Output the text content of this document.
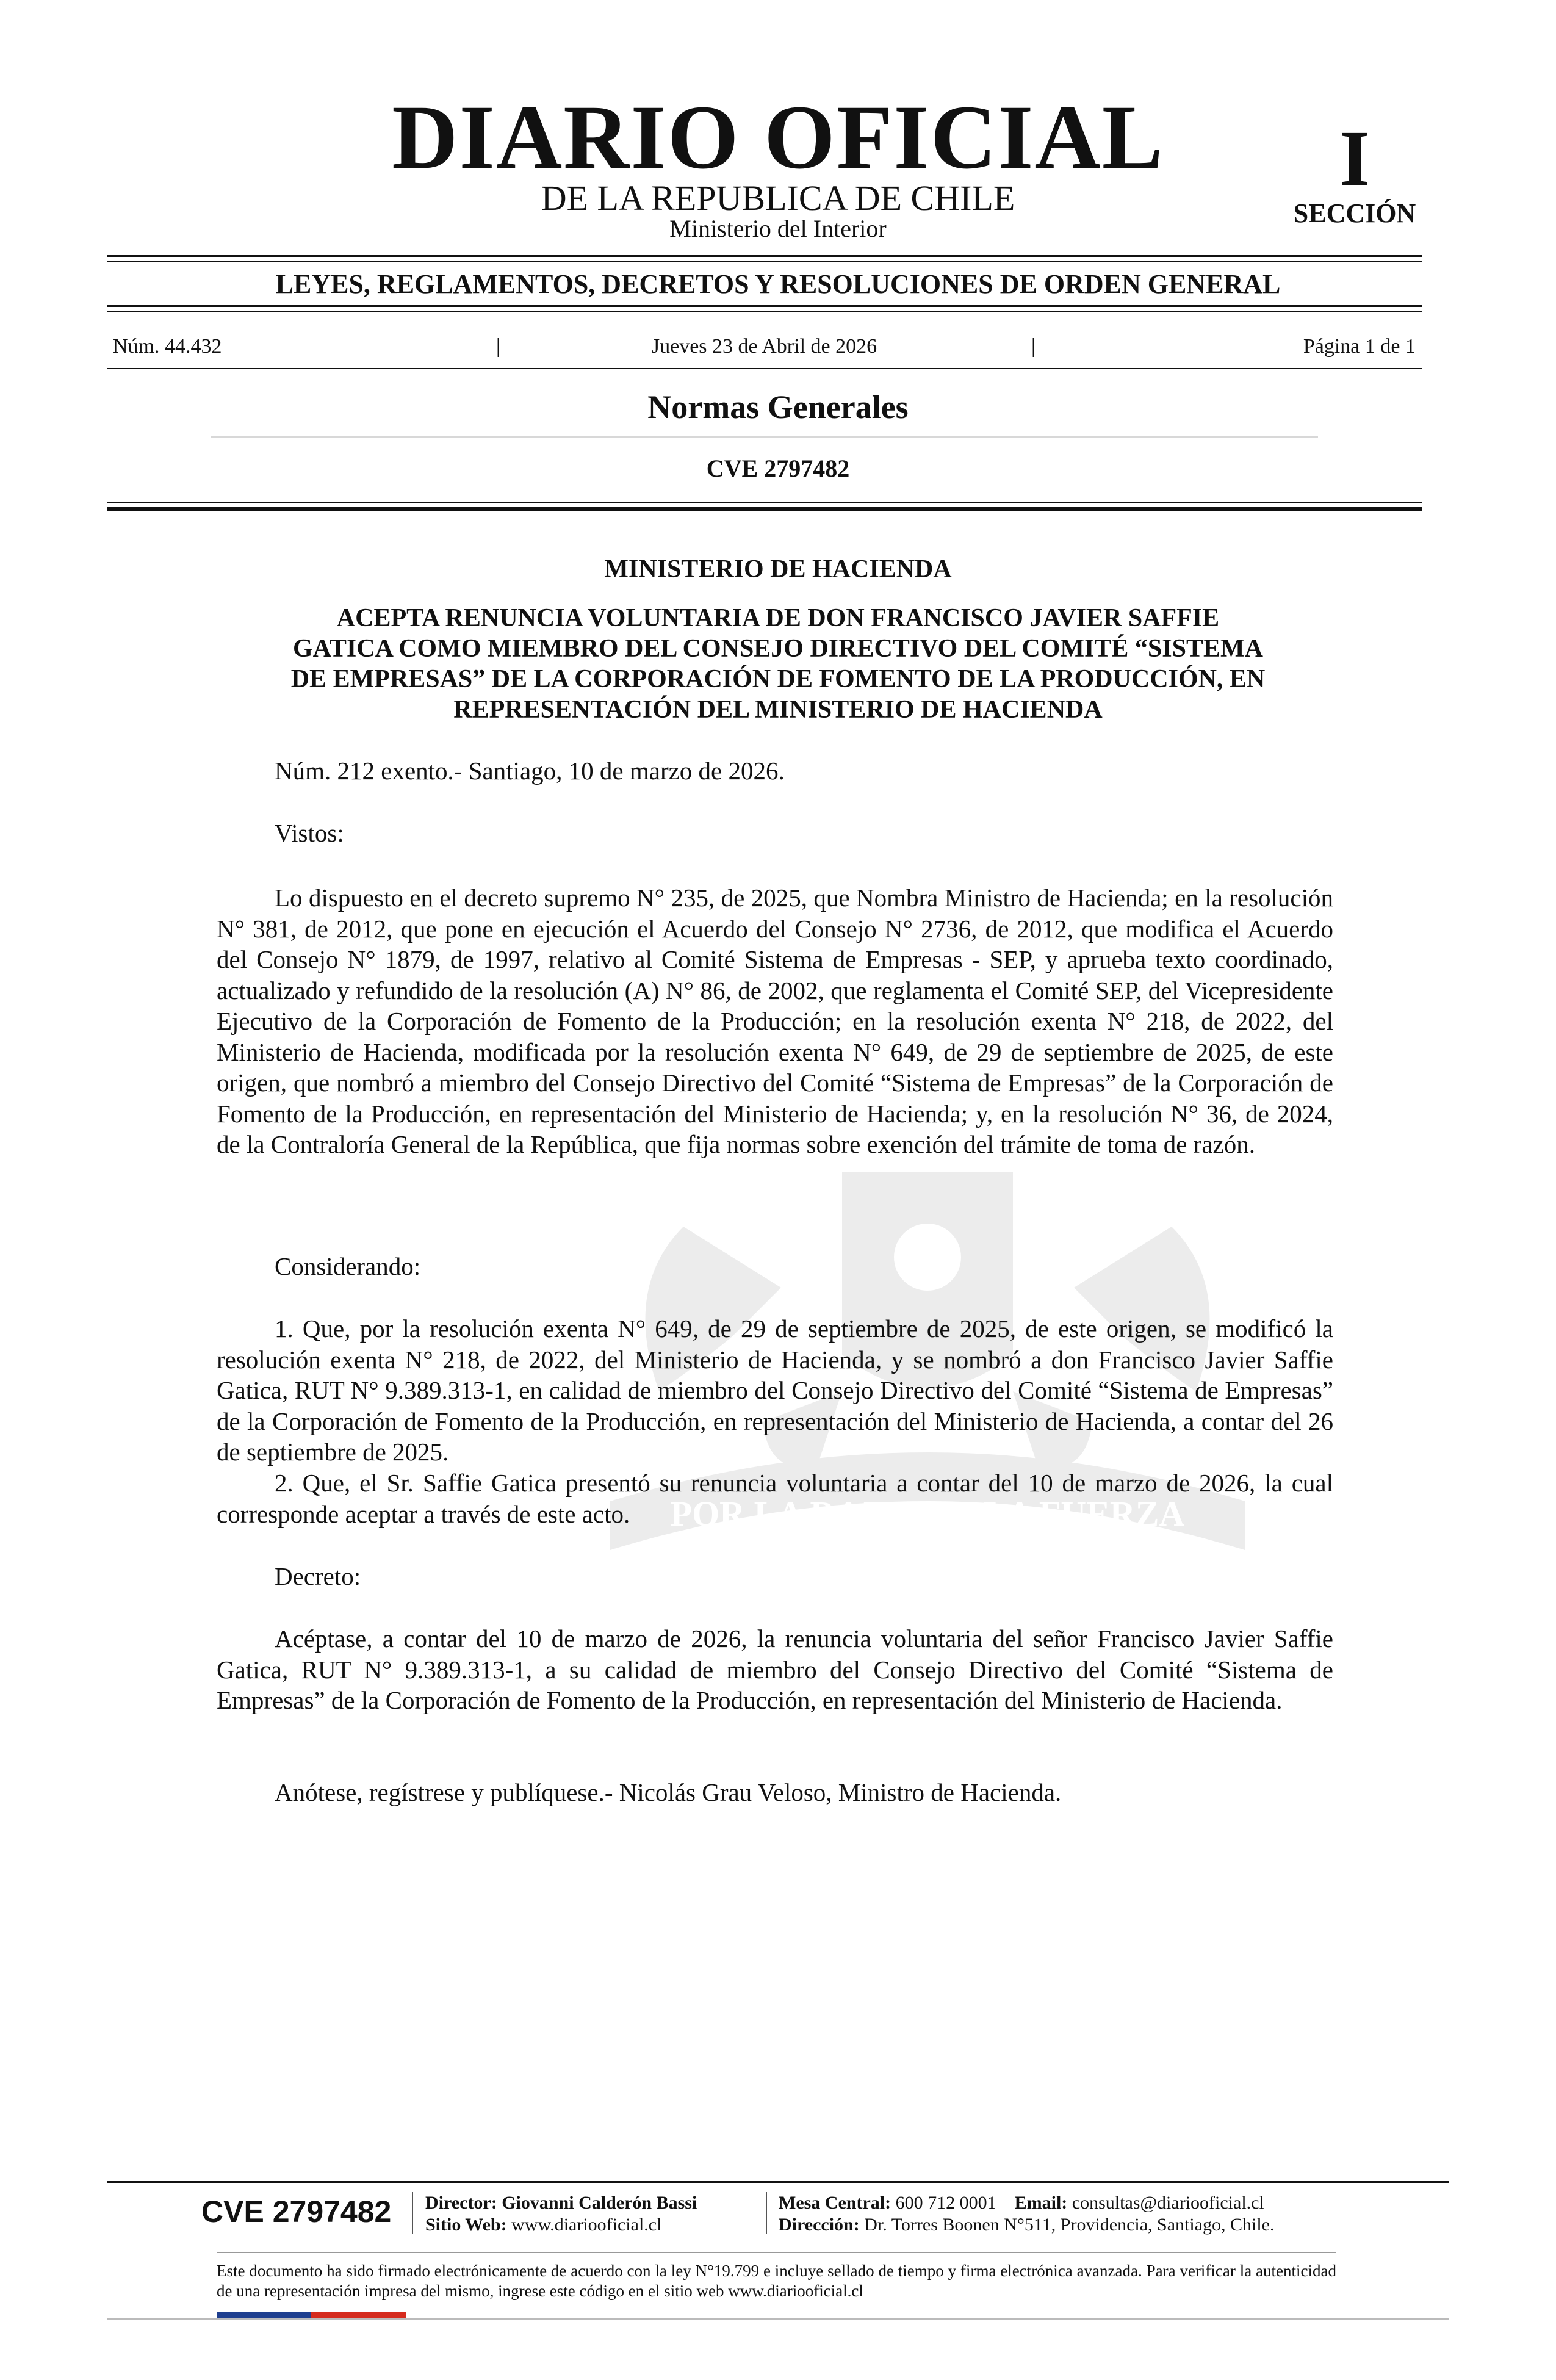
DIARIO OFICIAL
DE LA REPUBLICA DE CHILE
Ministerio del Interior
I
SECCIÓN
LEYES, REGLAMENTOS, DECRETOS Y RESOLUCIONES DE ORDEN GENERAL
Núm. 44.432	|	Jueves 23 de Abril de 2026	|	Página 1 de 1
Normas Generales
CVE 2797482
POR LA RAZON O LA FUERZA
MINISTERIO DE HACIENDA
ACEPTA RENUNCIA VOLUNTARIA DE DON FRANCISCO JAVIER SAFFIE
GATICA COMO MIEMBRO DEL CONSEJO DIRECTIVO DEL COMITÉ “SISTEMA
DE EMPRESAS” DE LA CORPORACIÓN DE FOMENTO DE LA PRODUCCIÓN, EN
REPRESENTACIÓN DEL MINISTERIO DE HACIENDA
Núm. 212 exento.- Santiago, 10 de marzo de 2026.
Vistos:
Lo dispuesto en el decreto supremo N° 235, de 2025, que Nombra Ministro de Hacienda; en la resolución N° 381, de 2012, que pone en ejecución el Acuerdo del Consejo N° 2736, de 2012, que modifica el Acuerdo del Consejo N° 1879, de 1997, relativo al Comité Sistema de Empresas - SEP, y aprueba texto coordinado, actualizado y refundido de la resolución (A) N° 86, de 2002, que reglamenta el Comité SEP, del Vicepresidente Ejecutivo de la Corporación de Fomento de la Producción; en la resolución exenta N° 218, de 2022, del Ministerio de Hacienda, modificada por la resolución exenta N° 649, de 29 de septiembre de 2025, de este origen, que nombró a miembro del Consejo Directivo del Comité “Sistema de Empresas” de la Corporación de Fomento de la Producción, en representación del Ministerio de Hacienda; y, en la resolución N° 36, de 2024, de la Contraloría General de la República, que fija normas sobre exención del trámite de toma de razón.
Considerando:
1. Que, por la resolución exenta N° 649, de 29 de septiembre de 2025, de este origen, se modificó la resolución exenta N° 218, de 2022, del Ministerio de Hacienda, y se nombró a don Francisco Javier Saffie Gatica, RUT N° 9.389.313-1, en calidad de miembro del Consejo Directivo del Comité “Sistema de Empresas” de la Corporación de Fomento de la Producción, en representación del Ministerio de Hacienda, a contar del 26 de septiembre de 2025.
2. Que, el Sr. Saffie Gatica presentó su renuncia voluntaria a contar del 10 de marzo de 2026, la cual corresponde aceptar a través de este acto.
Decreto:
Acéptase, a contar del 10 de marzo de 2026, la renuncia voluntaria del señor Francisco Javier Saffie Gatica, RUT N° 9.389.313-1, a su calidad de miembro del Consejo Directivo del Comité “Sistema de Empresas” de la Corporación de Fomento de la Producción, en representación del Ministerio de Hacienda.
Anótese, regístrese y publíquese.- Nicolás Grau Veloso, Ministro de Hacienda.
CVE 2797482	Director: Giovanni Calderón Bassi
Sitio Web: www.diariooficial.cl
Mesa Central: 600 712 0001 Email: consultas@diariooficial.cl
Dirección: Dr. Torres Boonen N°511, Providencia, Santiago, Chile.
Este documento ha sido firmado electrónicamente de acuerdo con la ley N°19.799 e incluye sellado de tiempo y firma electrónica avanzada. Para verificar la autenticidad de una representación impresa del mismo, ingrese este código en el sitio web www.diariooficial.cl
